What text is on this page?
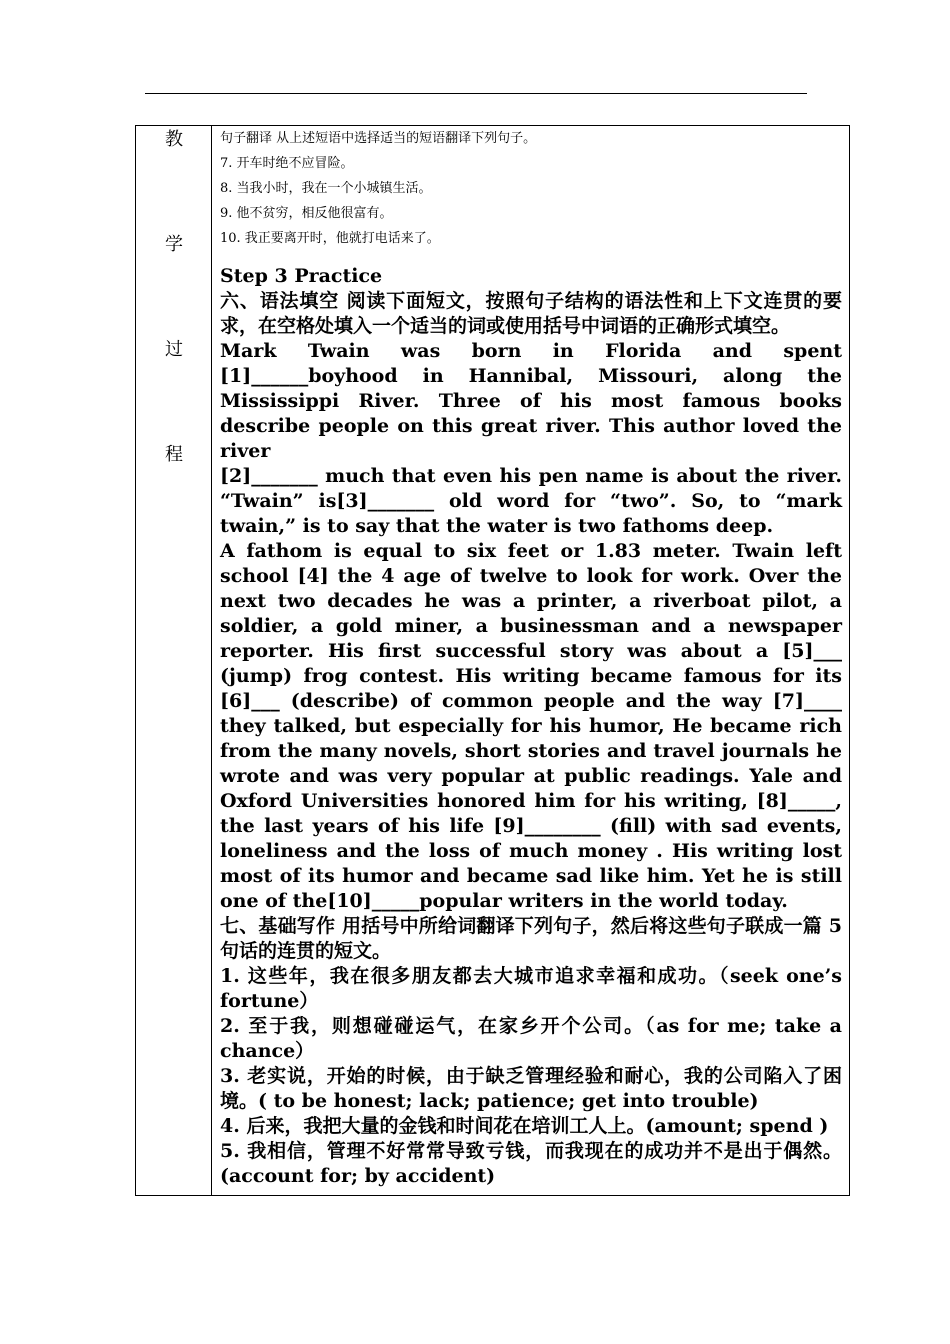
教
学
过
程
句子翻译 从上述短语中选择适当的短语翻译下列句子。
7. 开车时绝不应冒险。
8. 当我小时，我在一个小城镇生活。
9. 他不贫穷，相反他很富有。
10. 我正要离开时，他就打电话来了。

Step 3 Practice

六、语法填空 阅读下面短文，按照句子结构的语法性和上下文连贯的要求，在空格处填入一个适当的词或使用括号中词语的正确形式填空。

Mark Twain was born in Florida and spent [1]______boyhood in Hannibal, Missouri, along the Mississippi River. Three of his most famous books describe people on this great river. This author loved the river

[2]_______ much that even his pen name is about the river. “Twain” is[3]_______ old word for “two”. So, to “mark twain,” is to say that the water is two fathoms deep.

A fathom is equal to six feet or 1.83 meter. Twain left school [4] the 4 age of twelve to look for work. Over the next two decades he was a printer, a riverboat pilot, a soldier, a gold miner, a businessman and a newspaper reporter. His first successful story was about a [5]___ (jump) frog contest. His writing became famous for its [6]___ (describe) of common people and the way [7]____ they talked, but especially for his humor, He became rich from the many novels, short stories and travel journals he wrote and was very popular at public readings. Yale and Oxford Universities honored him for his writing, [8]_____, the last years of his life [9]________ (fill) with sad events, loneliness and the loss of much money . His writing lost most of its humor and became sad like him. Yet he is still one of the[10]_____popular writers in the world today.

七、基础写作 用括号中所给词翻译下列句子，然后将这些句子联成一篇 5 句话的连贯的短文。

1. 这些年，我在很多朋友都去大城市追求幸福和成功。（seek one’s fortune）

2. 至于我，则想碰碰运气，在家乡开个公司。（as for me; take a chance）

3. 老实说，开始的时候，由于缺乏管理经验和耐心，我的公司陷入了困境。( to be honest; lack; patience; get into trouble)

4. 后来，我把大量的金钱和时间花在培训工人上。(amount; spend )

5. 我相信，管理不好常常导致亏钱，而我现在的成功并不是出于偶然。(account for; by accident)
